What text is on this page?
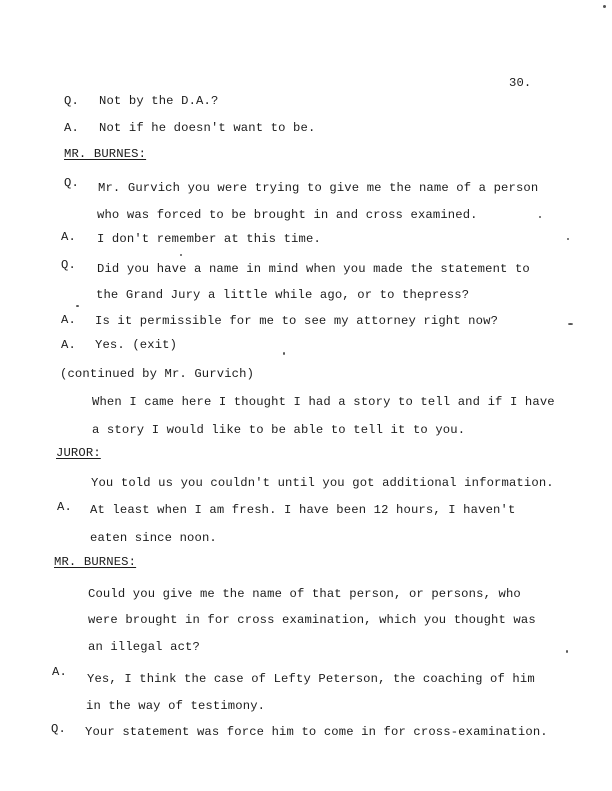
30.
Q. Not by the D.A.?
A. Not if he doesn't want to be.
MR. BURNES:
Q. Mr. Gurvich you were trying to give me the name of a person
who was forced to be brought in and cross examined.
A. I don't remember at this time.
Q. Did you have a name in mind when you made the statement to
the Grand Jury a little while ago, or to thepress?
A. Is it permissible for me to see my attorney right now?
A. Yes. (exit)
(continued by Mr. Gurvich)
When I came here I thought I had a story to tell and if I have
a story I would like to be able to tell it to you.
JUROR:
You told us you couldn't until you got additional information.
A. At least when I am fresh. I have been 12 hours, I haven't
eaten since noon.
MR. BURNES:
Could you give me the name of that person, or persons, who
were brought in for cross examination, which you thought was
an illegal act?
A. Yes, I think the case of Lefty Peterson, the coaching of him
in the way of testimony.
Q. Your statement was force him to come in for cross-examination.
